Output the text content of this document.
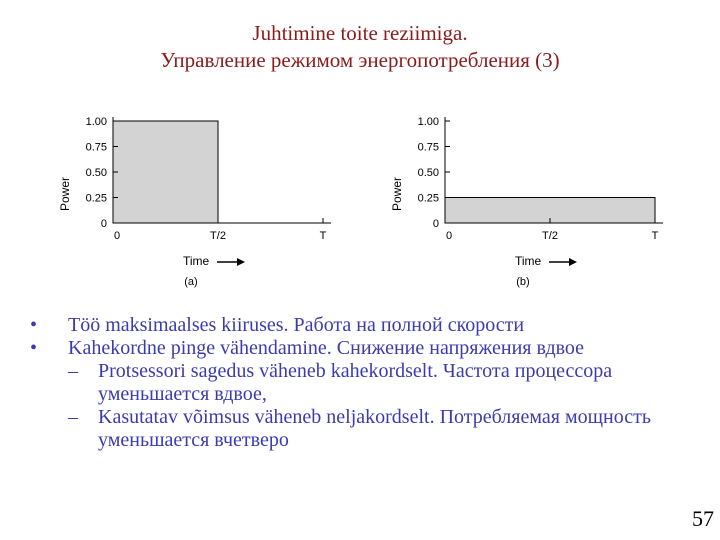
Juhtimine toite reziimiga.
Управление режимом энергопотребления (3)
1.00
0.75
0.50
0.25
0
0	T/2	T
Power
Time
(a)
1.00
0.75
0.50
0.25
0
0	T/2	T
Power
Time
(b)
• Töö maksimaalses kiiruses. Работа на полной скорости
• Kahekordne pinge vähendamine. Снижение напряжения вдвое
– Protsessori sagedus väheneb kahekordselt. Частота процессора уменьшается вдвое,
– Kasutatav võimsus väheneb neljakordselt. Потребляемая мощность уменьшается вчетверо
57
